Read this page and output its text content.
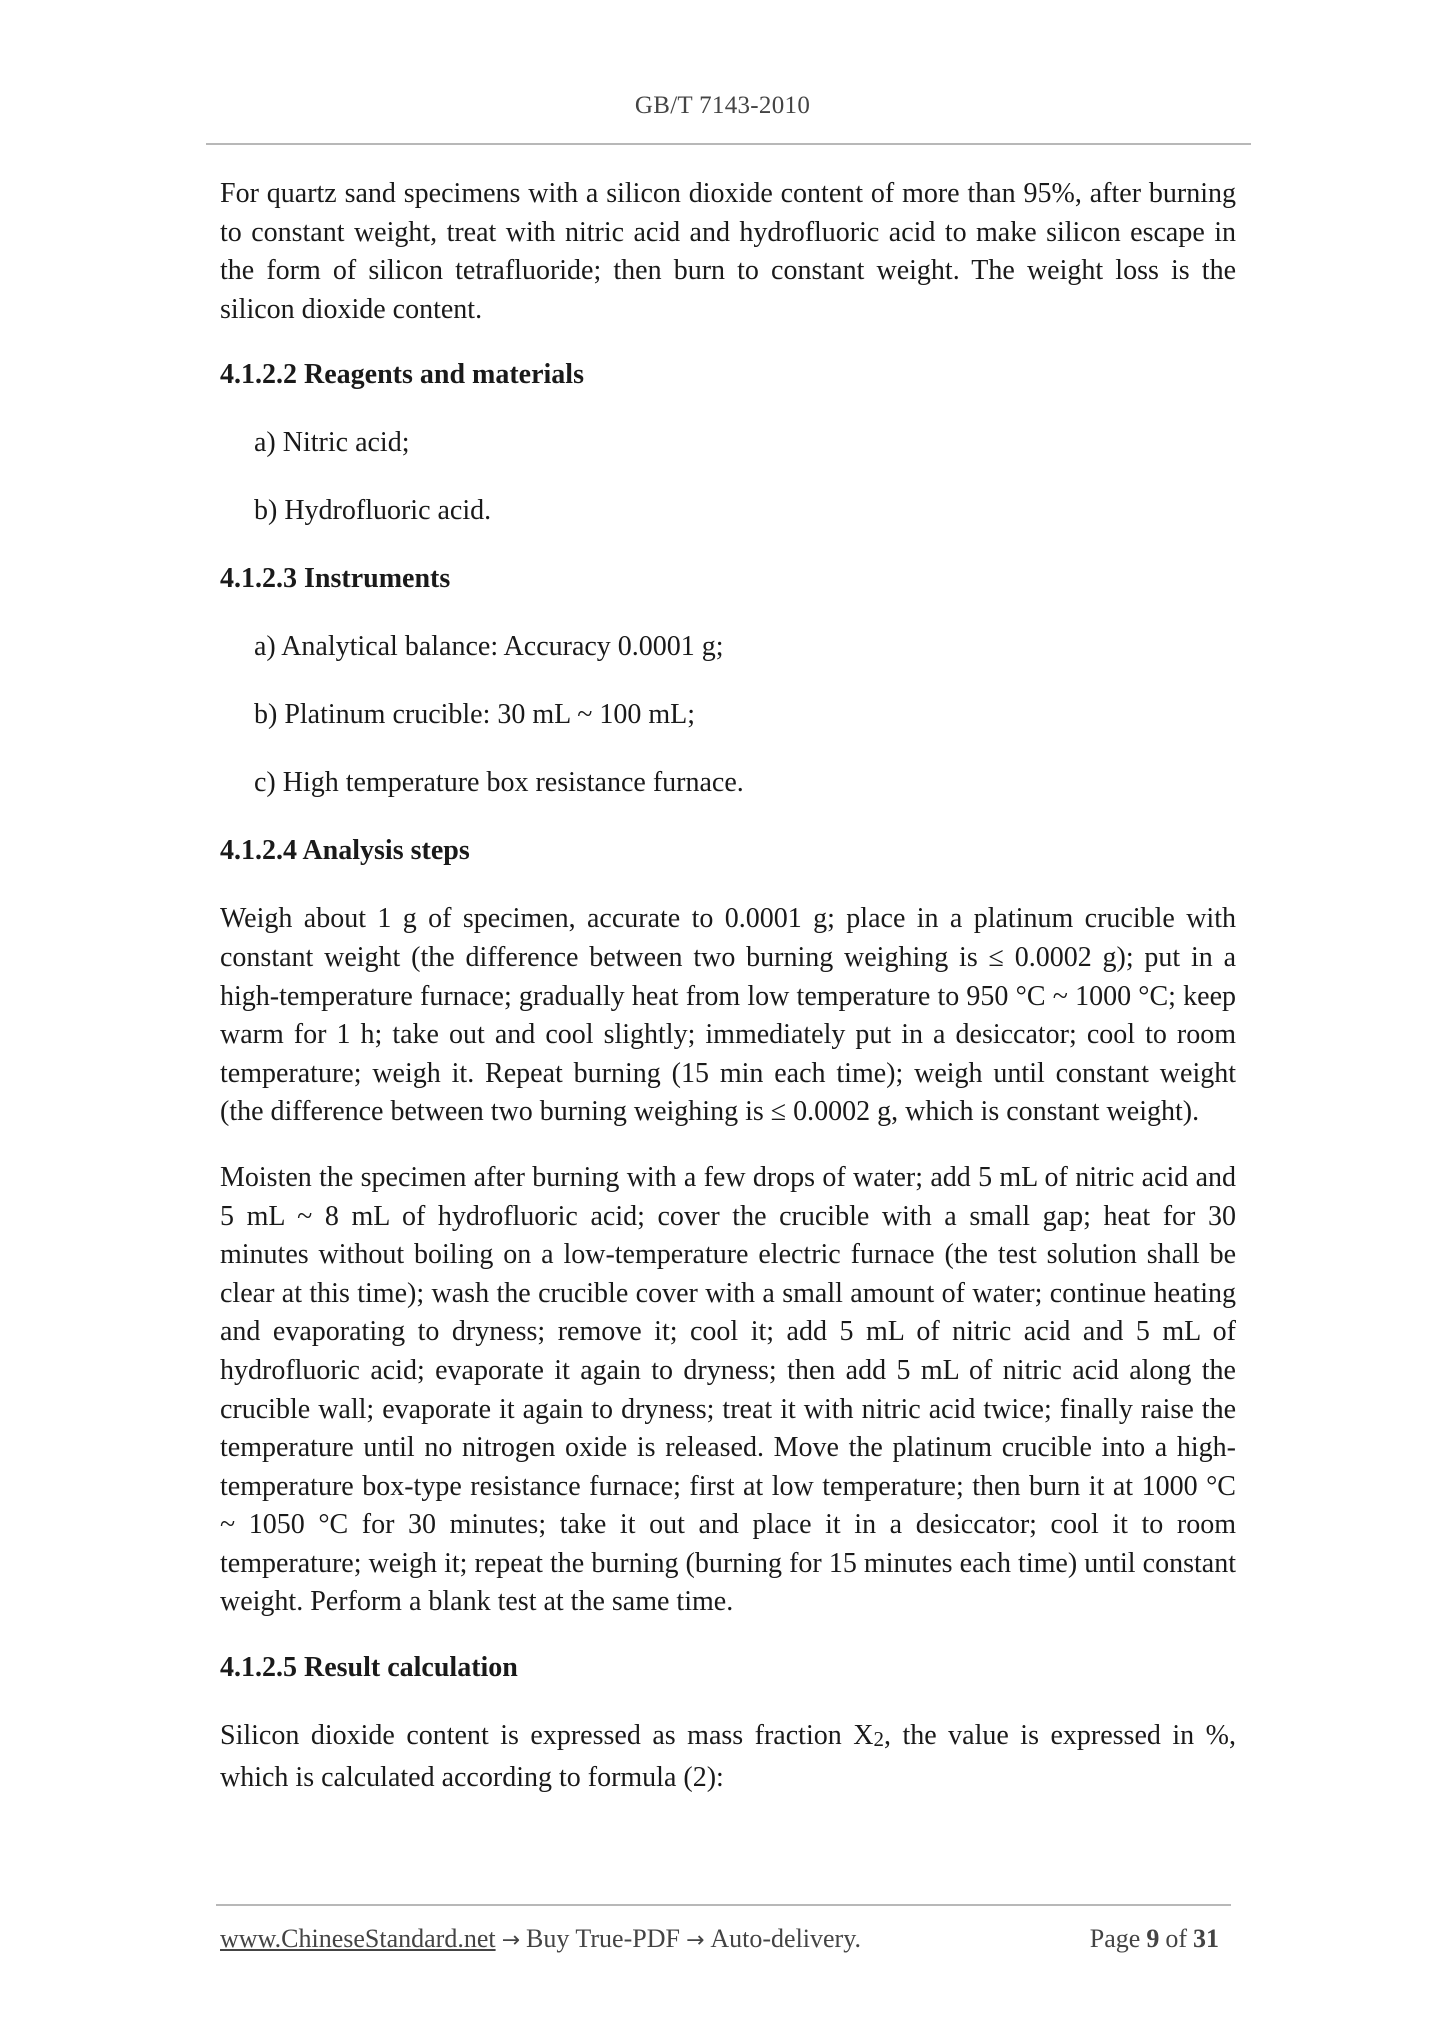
GB/T 7143-2010

For quartz sand specimens with a silicon dioxide content of more than 95%, after burning to constant weight, treat with nitric acid and hydrofluoric acid to make silicon escape in the form of silicon tetrafluoride; then burn to constant weight. The weight loss is the silicon dioxide content.

4.1.2.2 Reagents and materials
a) Nitric acid;
b) Hydrofluoric acid.
4.1.2.3 Instruments
a) Analytical balance: Accuracy 0.0001 g;
b) Platinum crucible: 30 mL ~ 100 mL;
c) High temperature box resistance furnace.
4.1.2.4 Analysis steps

Weigh about 1 g of specimen, accurate to 0.0001 g; place in a platinum crucible with constant weight (the difference between two burning weighing is ≤ 0.0002 g); put in a high-temperature furnace; gradually heat from low temperature to 950 °C ~ 1000 °C; keep warm for 1 h; take out and cool slightly; immediately put in a desiccator; cool to room temperature; weigh it. Repeat burning (15 min each time); weigh until constant weight (the difference between two burning weighing is ≤ 0.0002 g, which is constant weight).

Moisten the specimen after burning with a few drops of water; add 5 mL of nitric acid and 5 mL ~ 8 mL of hydrofluoric acid; cover the crucible with a small gap; heat for 30 minutes without boiling on a low-temperature electric furnace (the test solution shall be clear at this time); wash the crucible cover with a small amount of water; continue heating and evaporating to dryness; remove it; cool it; add 5 mL of nitric acid and 5 mL of hydrofluoric acid; evaporate it again to dryness; then add 5 mL of nitric acid along the crucible wall; evaporate it again to dryness; treat it with nitric acid twice; finally raise the temperature until no nitrogen oxide is released. Move the platinum crucible into a high-temperature box-type resistance furnace; first at low temperature; then burn it at 1000 °C ~ 1050 °C for 30 minutes; take it out and place it in a desiccator; cool it to room temperature; weigh it; repeat the burning (burning for 15 minutes each time) until constant weight. Perform a blank test at the same time.

4.1.2.5 Result calculation

Silicon dioxide content is expressed as mass fraction X2, the value is expressed in %, which is calculated according to formula (2):

www.ChineseStandard.net → Buy True-PDF → Auto-delivery.	Page 9 of 31
